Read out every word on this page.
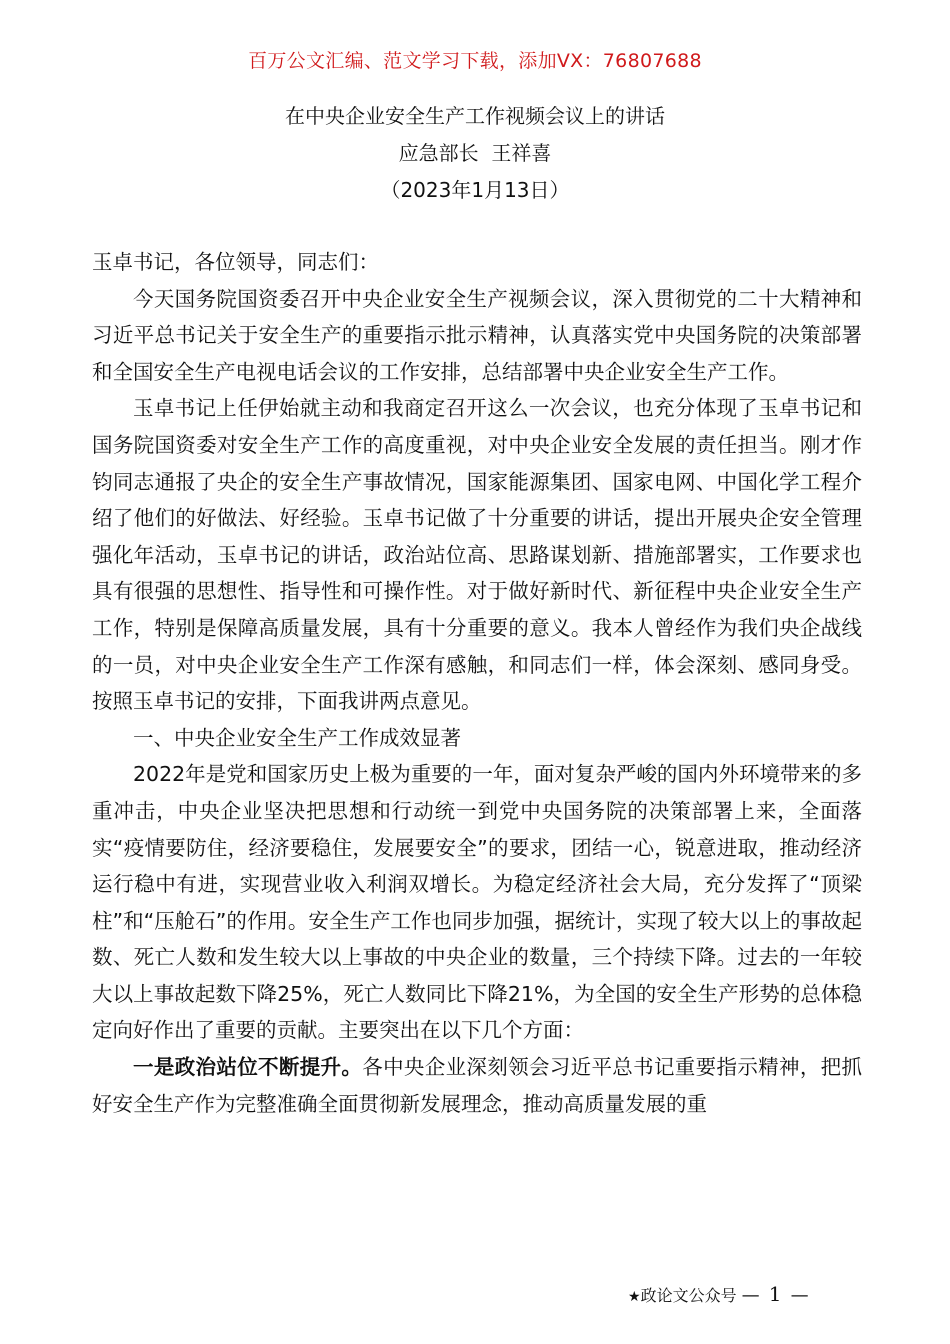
百万公文汇编、范文学习下载，添加VX：76807688
在中央企业安全生产工作视频会议上的讲话
应急部长  王祥喜
（2023年1月13日）

玉卓书记，各位领导，同志们：

今天国务院国资委召开中央企业安全生产视频会议，深入贯彻党的二十大精神和习近平总书记关于安全生产的重要指示批示精神，认真落实党中央国务院的决策部署和全国安全生产电视电话会议的工作安排，总结部署中央企业安全生产工作。

玉卓书记上任伊始就主动和我商定召开这么一次会议，也充分体现了玉卓书记和国务院国资委对安全生产工作的高度重视，对中央企业安全发展的责任担当。刚才作钧同志通报了央企的安全生产事故情况，国家能源集团、国家电网、中国化学工程介绍了他们的好做法、好经验。玉卓书记做了十分重要的讲话，提出开展央企安全管理强化年活动，玉卓书记的讲话，政治站位高、思路谋划新、措施部署实，工作要求也具有很强的思想性、指导性和可操作性。对于做好新时代、新征程中央企业安全生产工作，特别是保障高质量发展，具有十分重要的意义。我本人曾经作为我们央企战线的一员，对中央企业安全生产工作深有感触，和同志们一样，体会深刻、感同身受。按照玉卓书记的安排，下面我讲两点意见。

一、中央企业安全生产工作成效显著

2022年是党和国家历史上极为重要的一年，面对复杂严峻的国内外环境带来的多重冲击，中央企业坚决把思想和行动统一到党中央国务院的决策部署上来，全面落实“疫情要防住，经济要稳住，发展要安全”的要求，团结一心，锐意进取，推动经济运行稳中有进，实现营业收入利润双增长。为稳定经济社会大局，充分发挥了“顶梁柱”和“压舱石”的作用。安全生产工作也同步加强，据统计，实现了较大以上的事故起数、死亡人数和发生较大以上事故的中央企业的数量，三个持续下降。过去的一年较大以上事故起数下降25%，死亡人数同比下降21%，为全国的安全生产形势的总体稳定向好作出了重要的贡献。主要突出在以下几个方面：

一是政治站位不断提升。各中央企业深刻领会习近平总书记重要指示精神，把抓好安全生产作为完整准确全面贯彻新发展理念，推动高质量发展的重

★政论文公众号 — 1 —
